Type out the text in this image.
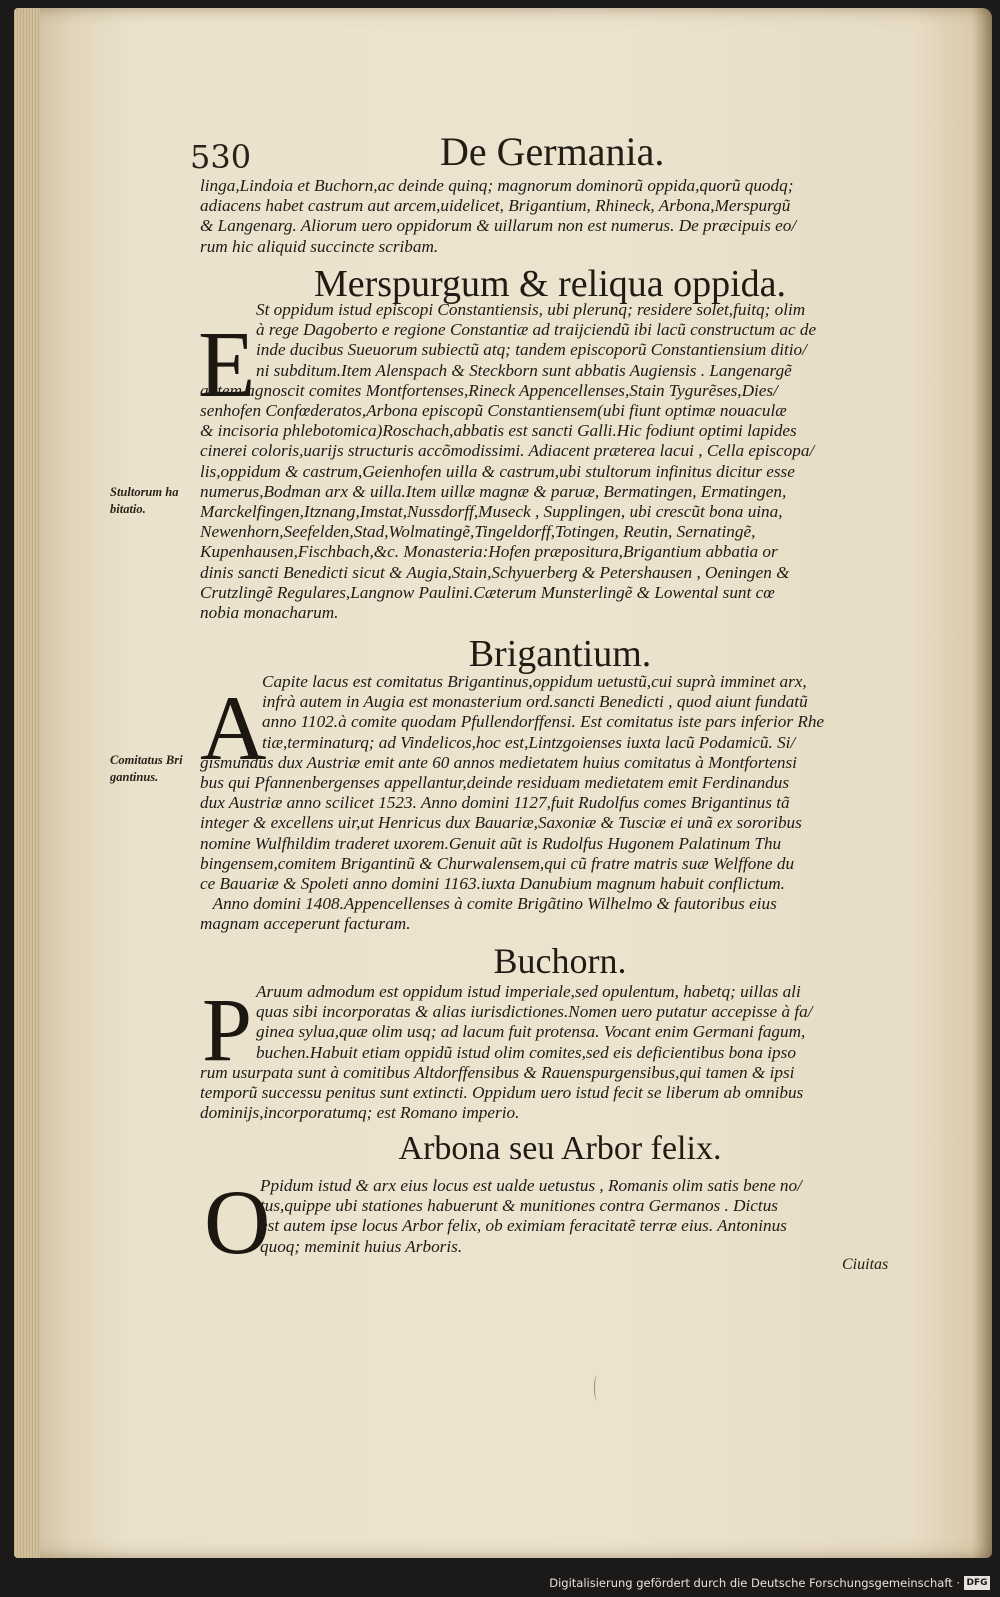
530	De Germania.
linga,Lindoia et Buchorn,ac deinde quinq; magnorum dominorũ oppida,quorũ quodq;
adiacens habet castrum aut arcem,uidelicet, Brigantium, Rhineck, Arbona,Merspurgũ
& Langenarg. Aliorum uero oppidorum & uillarum non est numerus. De præcipuis eo/
rum hic aliquid succincte scribam.
Merspurgum & reliqua oppida.
E
St oppidum istud episcopi Constantiensis, ubi plerunq; residere solet,fuitq; olim
à rege Dagoberto e regione Constantiæ ad traijciendũ ibi lacũ constructum ac de
inde ducibus Sueuorum subiectũ atq; tandem episcoporũ Constantiensium ditio/
ni subditum.Item Alenspach & Steckborn sunt abbatis Augiensis . Langenargẽ
autem agnoscit comites Montfortenses,Rineck Appencellenses,Stain Tygurẽses,Dies/
senhofen Confœderatos,Arbona episcopũ Constantiensem(ubi fiunt optimæ nouaculæ
& incisoria phlebotomica)Roschach,abbatis est sancti Galli.Hic fodiunt optimi lapides
cinerei coloris,uarijs structuris accõmodissimi. Adiacent præterea lacui , Cella episcopa/
lis,oppidum & castrum,Geienhofen uilla & castrum,ubi stultorum infinitus dicitur esse
numerus,Bodman arx & uilla.Item uillæ magnæ & paruæ, Bermatingen, Ermatingen,
Marckelfingen,Itznang,Imstat,Nussdorff,Museck , Supplingen, ubi crescũt bona uina,
Newenhorn,Seefelden,Stad,Wolmatingẽ,Tingeldorff,Totingen, Reutin, Sernatingẽ,
Kupenhausen,Fischbach,&c. Monasteria:Hofen præpositura,Brigantium abbatia or
dinis sancti Benedicti sicut & Augia,Stain,Schyuerberg & Petershausen , Oeningen &
Crutzlingẽ Regulares,Langnow Paulini.Cæterum Munsterlingẽ & Lowental sunt cœ
nobia monacharum.
Stultorum ha bitatio.
Brigantium.
A
Capite lacus est comitatus Brigantinus,oppidum uetustũ,cui suprà imminet arx,
infrà autem in Augia est monasterium ord.sancti Benedicti , quod aiunt fundatũ
anno 1102.à comite quodam Pfullendorffensi. Est comitatus iste pars inferior Rhe
tiæ,terminaturq; ad Vindelicos,hoc est,Lintzgoienses iuxta lacũ Podamicũ. Si/
gismundus dux Austriæ emit ante 60 annos medietatem huius comitatus à Montfortensi
bus qui Pfannenbergenses appellantur,deinde residuam medietatem emit Ferdinandus
dux Austriæ anno scilicet 1523. Anno domini 1127,fuit Rudolfus comes Brigantinus tã
integer & excellens uir,ut Henricus dux Bauariæ,Saxoniæ & Tusciæ ei unã ex sororibus
nomine Wulfhildim traderet uxorem.Genuit aũt is Rudolfus Hugonem Palatinum Thu
bingensem,comitem Brigantinũ & Churwalensem,qui cũ fratre matris suæ Welffone du
ce Bauariæ & Spoleti anno domini 1163.iuxta Danubium magnum habuit conflictum.
Anno domini 1408.Appencellenses à comite Brigãtino Wilhelmo & fautoribus eius
magnam acceperunt facturam.
Comitatus Bri gantinus.
Buchorn.
P Aruum admodum est oppidum istud imperiale,sed opulentum, habetq; uillas ali
quas sibi incorporatas & alias iurisdictiones.Nomen uero putatur accepisse à fa/
ginea sylua,quæ olim usq; ad lacum fuit protensa. Vocant enim Germani fagum,
buchen.Habuit etiam oppidũ istud olim comites,sed eis deficientibus bona ipso
rum usurpata sunt à comitibus Altdorffensibus & Rauenspurgensibus,qui tamen & ipsi
temporũ successu penitus sunt extincti. Oppidum uero istud fecit se liberum ab omnibus
dominijs,incorporatumq; est Romano imperio.
Arbona seu Arbor felix.
O
Ppidum istud & arx eius locus est ualde uetustus , Romanis olim satis bene no/
tus,quippe ubi stationes habuerunt & munitiones contra Germanos . Dictus
est autem ipse locus Arbor felix, ob eximiam feracitatẽ terræ eius. Antoninus
quoq; meminit huius Arboris.
Ciuitas
Digitalisierung gefördert durch die Deutsche Forschungsgemeinschaft · DFG
